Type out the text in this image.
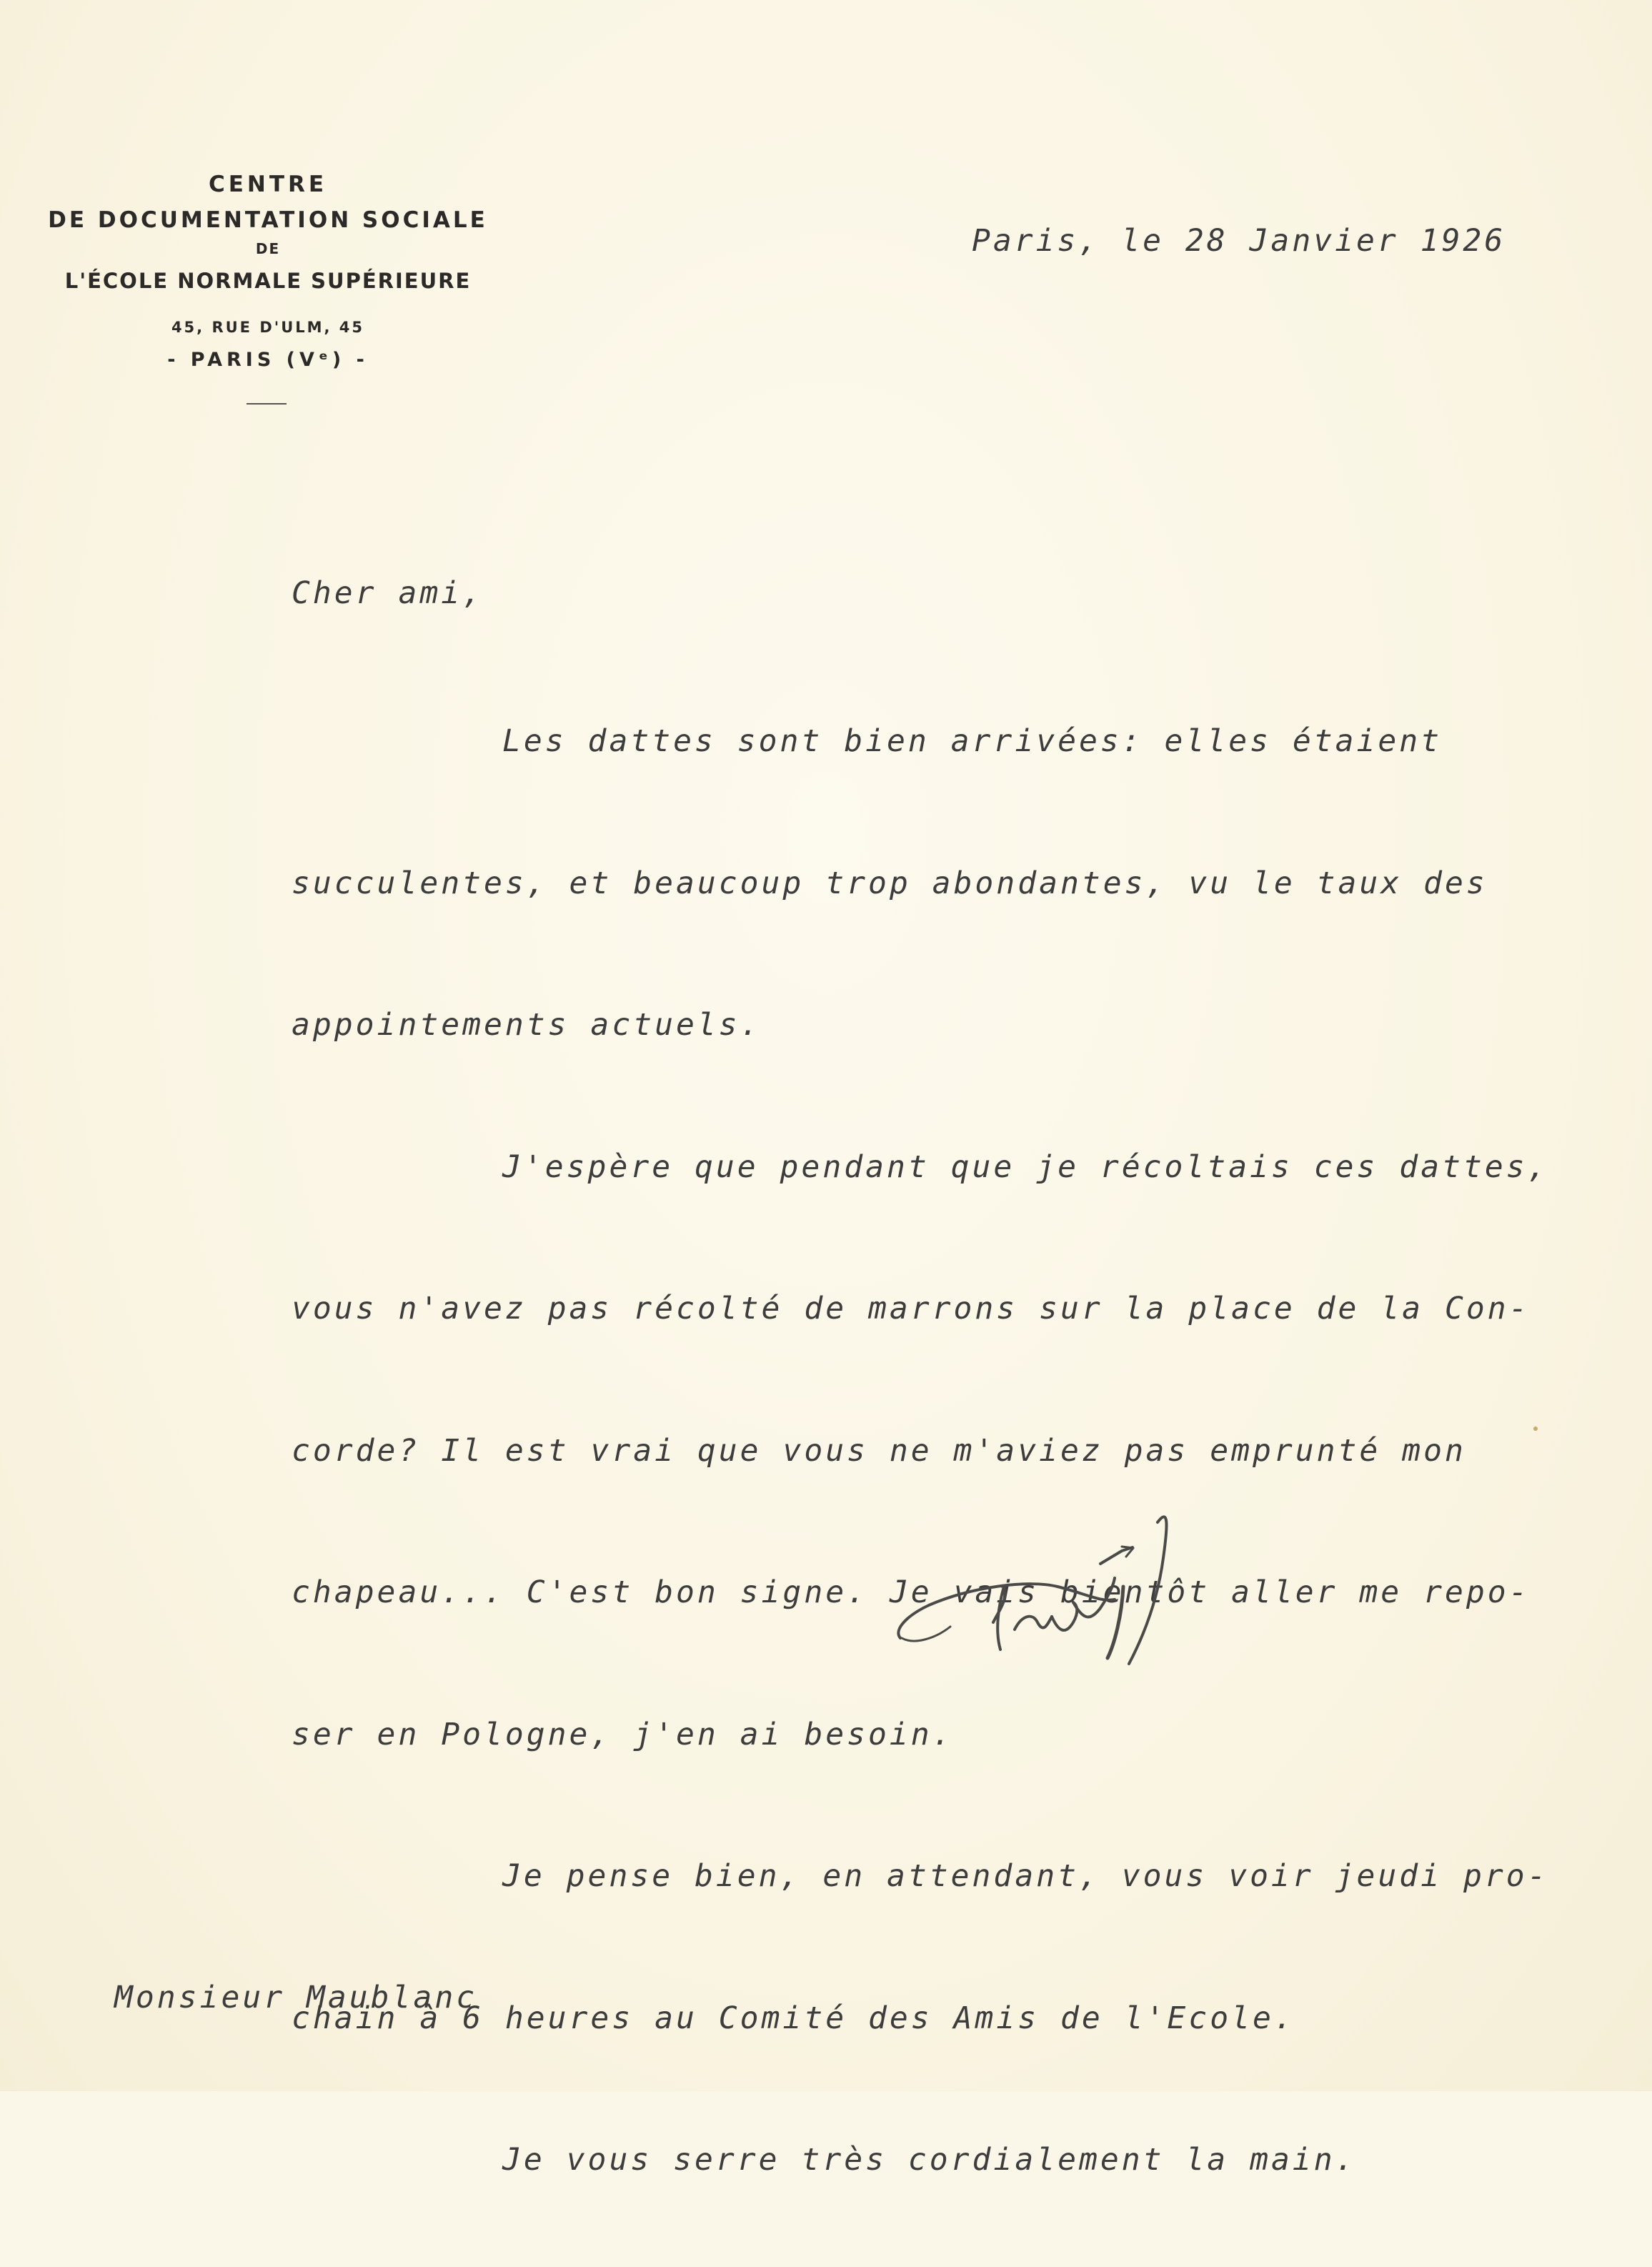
CENTRE
DE DOCUMENTATION SOCIALE
DE
L'ÉCOLE NORMALE SUPÉRIEURE
45, RUE D'ULM, 45
- PARIS (Vᵉ) -
Paris, le 28 Janvier 1926
Cher ami,

Les dattes sont bien arrivées: elles étaient

succulentes, et beaucoup trop abondantes, vu le taux des

appointements actuels.

J'espère que pendant que je récoltais ces dattes,

vous n'avez pas récolté de marrons sur la place de la Con-

corde? Il est vrai que vous ne m'aviez pas emprunté mon

chapeau... C'est bon signe. Je vais bientôt aller me repo-

ser en Pologne, j'en ai besoin.

Je pense bien, en attendant, vous voir jeudi pro-

chain à 6 heures au Comité des Amis de l'Ecole.

Je vous serre très cordialement la main.

Monsieur Maublanc
